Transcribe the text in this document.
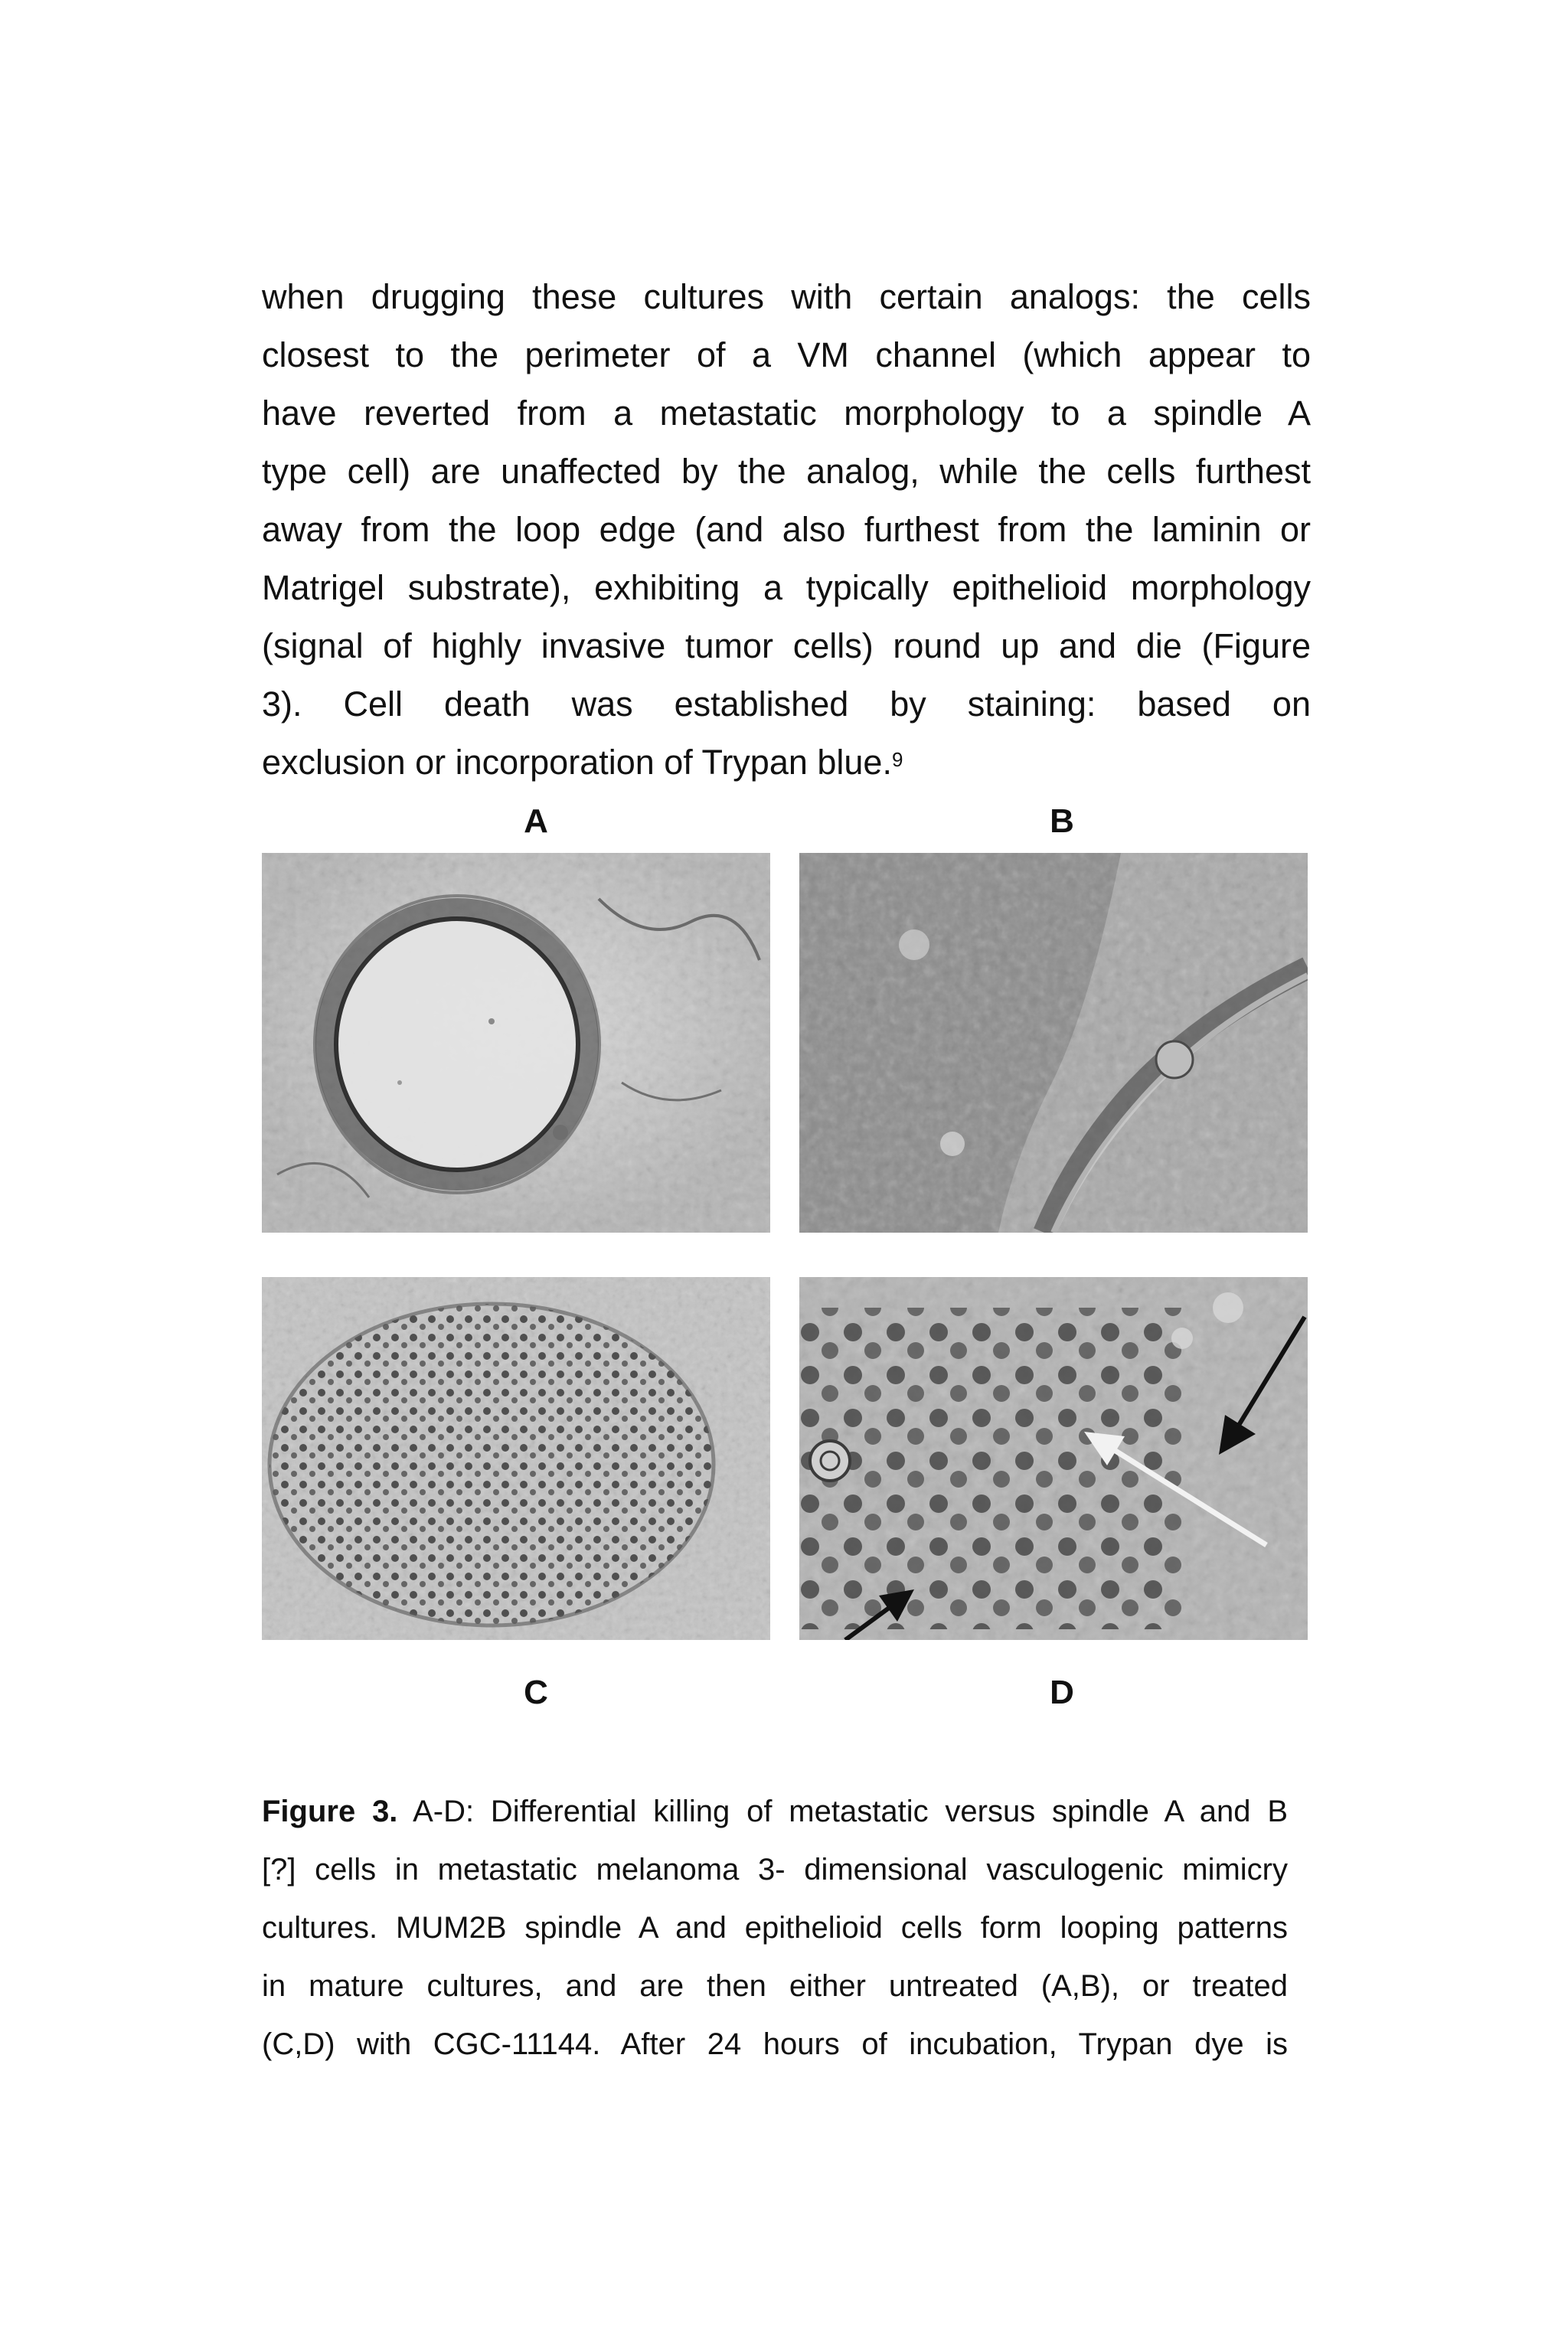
when drugging these cultures with certain analogs: the cells
closest to the perimeter of a VM channel (which appear to
have reverted from a metastatic morphology to a spindle A
type cell) are unaffected by the analog, while the cells furthest
away from the loop edge (and also furthest from the laminin or
Matrigel substrate), exhibiting a typically epithelioid morphology
(signal of highly invasive tumor cells) round up and die (Figure
3). Cell death was established by staining: based on
exclusion or incorporation of Trypan blue.$^9$
A	B
C	D
Figure 3. A-D: Differential killing of metastatic versus spindle A and B
[?] cells in metastatic melanoma 3- dimensional vasculogenic mimicry
cultures. MUM2B spindle A and epithelioid cells form looping patterns
in mature cultures, and are then either untreated (A,B), or treated
(C,D) with CGC-11144. After 24 hours of incubation, Trypan dye is
